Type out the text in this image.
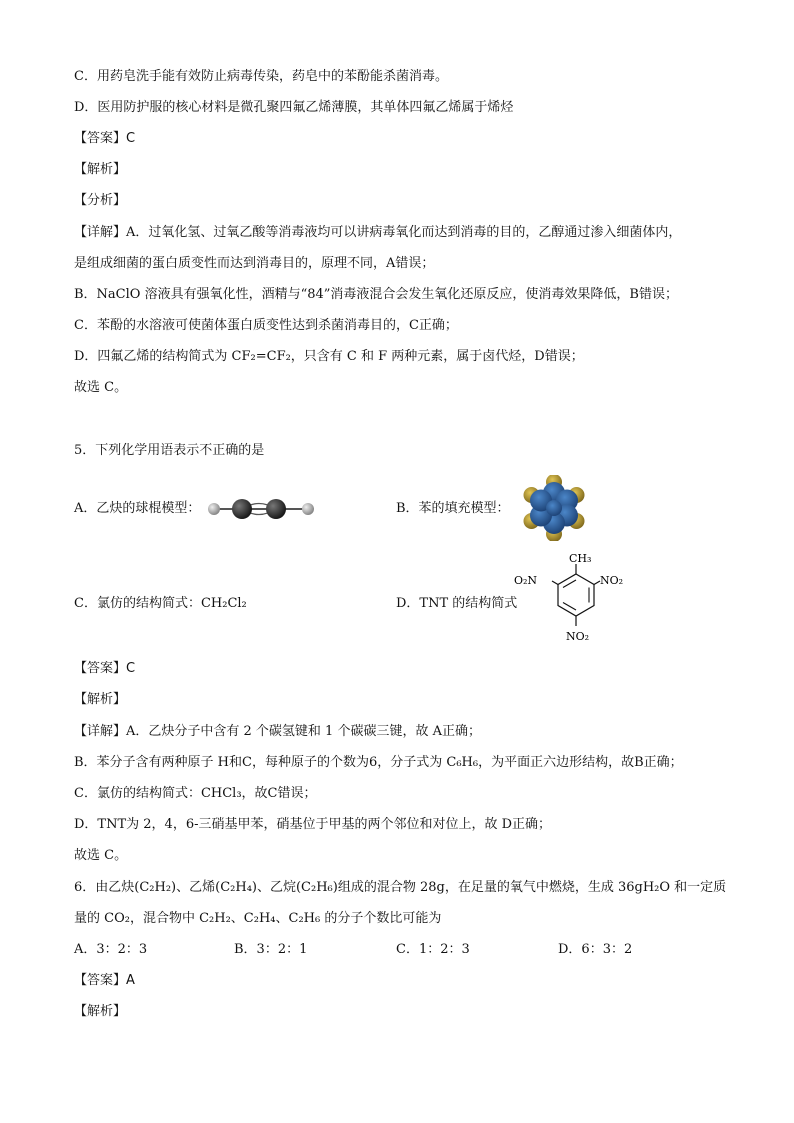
C．用药皂洗手能有效防止病毒传染，药皂中的苯酚能杀菌消毒。
D．医用防护服的核心材料是微孔聚四氟乙烯薄膜，其单体四氟乙烯属于烯烃
【答案】C
【解析】
【分析】
【详解】A．过氧化氢、过氧乙酸等消毒液均可以讲病毒氧化而达到消毒的目的，乙醇通过渗入细菌体内，
是组成细菌的蛋白质变性而达到消毒目的，原理不同，A错误；
B．NaClO 溶液具有强氧化性，酒精与“84”消毒液混合会发生氧化还原反应，使消毒效果降低，B错误；
C．苯酚的水溶液可使菌体蛋白质变性达到杀菌消毒目的，C正确；
D．四氟乙烯的结构简式为 CF₂=CF₂，只含有 C 和 F 两种元素，属于卤代烃，D错误；
故选 C。
5．下列化学用语表示不正确的是
A．乙炔的球棍模型：	B．苯的填充模型：
C．氯仿的结构简式：CH₂Cl₂	D．TNT 的结构简式
CH₃
O₂N	NO₂
NO₂
【答案】C
【解析】
【详解】A．乙炔分子中含有 2 个碳氢键和 1 个碳碳三键，故 A正确；
B．苯分子含有两种原子 H和C，每种原子的个数为6，分子式为 C₆H₆，为平面正六边形结构，故B正确；
C．氯仿的结构简式：CHCl₃，故C错误；
D．TNT为 2，4，6-三硝基甲苯，硝基位于甲基的两个邻位和对位上，故 D正确；
故选 C。
6．由乙炔(C₂H₂)、乙烯(C₂H₄)、乙烷(C₂H₆)组成的混合物 28g，在足量的氧气中燃烧，生成 36gH₂O 和一定质
量的 CO₂，混合物中 C₂H₂、C₂H₄、C₂H₆ 的分子个数比可能为
A．3：2：3	B．3：2：1	C．1：2：3	D．6：3：2
【答案】A
【解析】
